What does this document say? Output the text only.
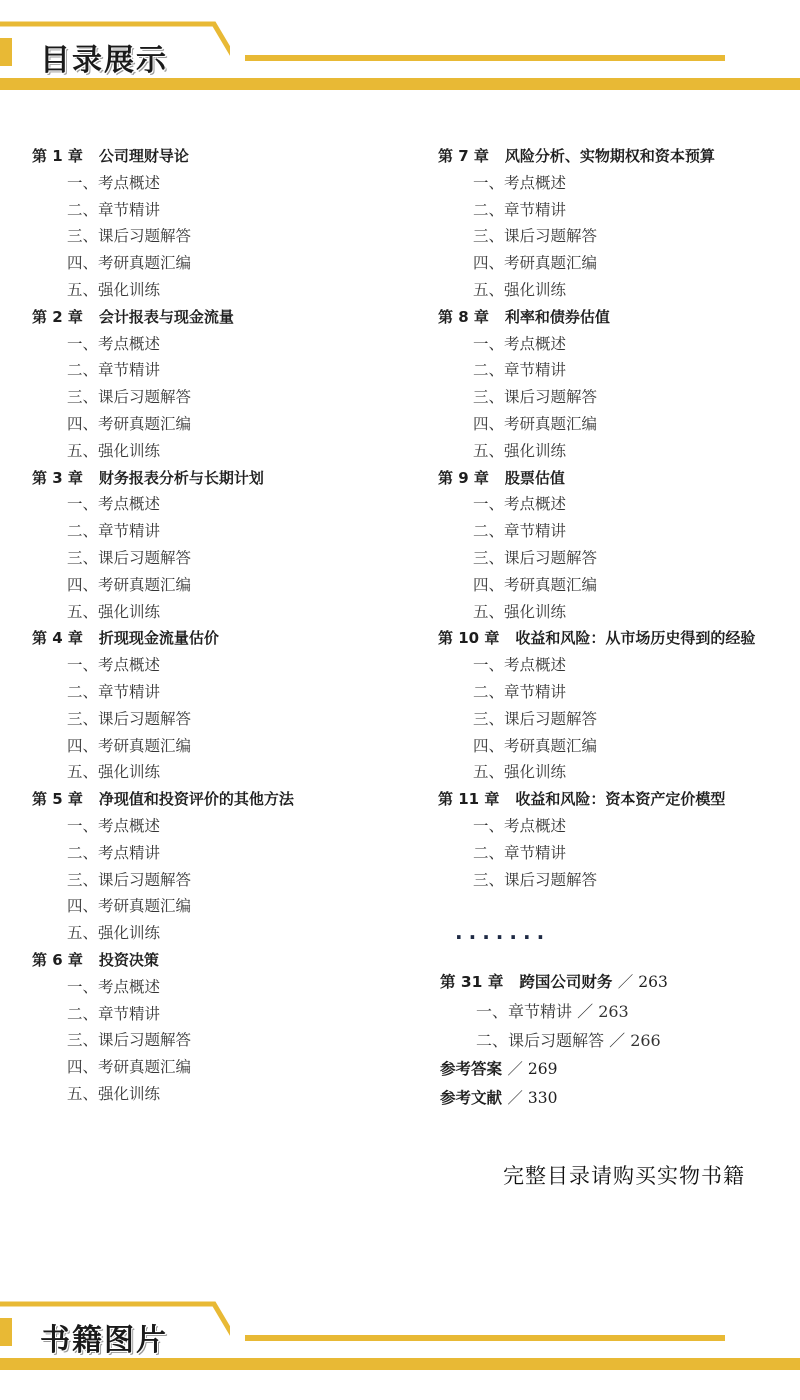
目录展示
第 1 章 公司理财导论
一、考点概述
二、章节精讲
三、课后习题解答
四、考研真题汇编
五、强化训练
第 2 章 会计报表与现金流量
一、考点概述
二、章节精讲
三、课后习题解答
四、考研真题汇编
五、强化训练
第 3 章 财务报表分析与长期计划
一、考点概述
二、章节精讲
三、课后习题解答
四、考研真题汇编
五、强化训练
第 4 章 折现现金流量估价
一、考点概述
二、章节精讲
三、课后习题解答
四、考研真题汇编
五、强化训练
第 5 章 净现值和投资评价的其他方法
一、考点概述
二、考点精讲
三、课后习题解答
四、考研真题汇编
五、强化训练
第 6 章 投资决策
一、考点概述
二、章节精讲
三、课后习题解答
四、考研真题汇编
五、强化训练
第 7 章 风险分析、实物期权和资本预算
一、考点概述
二、章节精讲
三、课后习题解答
四、考研真题汇编
五、强化训练
第 8 章 利率和债券估值
一、考点概述
二、章节精讲
三、课后习题解答
四、考研真题汇编
五、强化训练
第 9 章 股票估值
一、考点概述
二、章节精讲
三、课后习题解答
四、考研真题汇编
五、强化训练
第 10 章 收益和风险：从市场历史得到的经验
一、考点概述
二、章节精讲
三、课后习题解答
四、考研真题汇编
五、强化训练
第 11 章 收益和风险：资本资产定价模型
一、考点概述
二、章节精讲
三、课后习题解答
·······
第 31 章 跨国公司财务 ／ 263
一、章节精讲 ／ 263
二、课后习题解答 ／ 266
参考答案 ／ 269
参考文献 ／ 330
完整目录请购买实物书籍
书籍图片
